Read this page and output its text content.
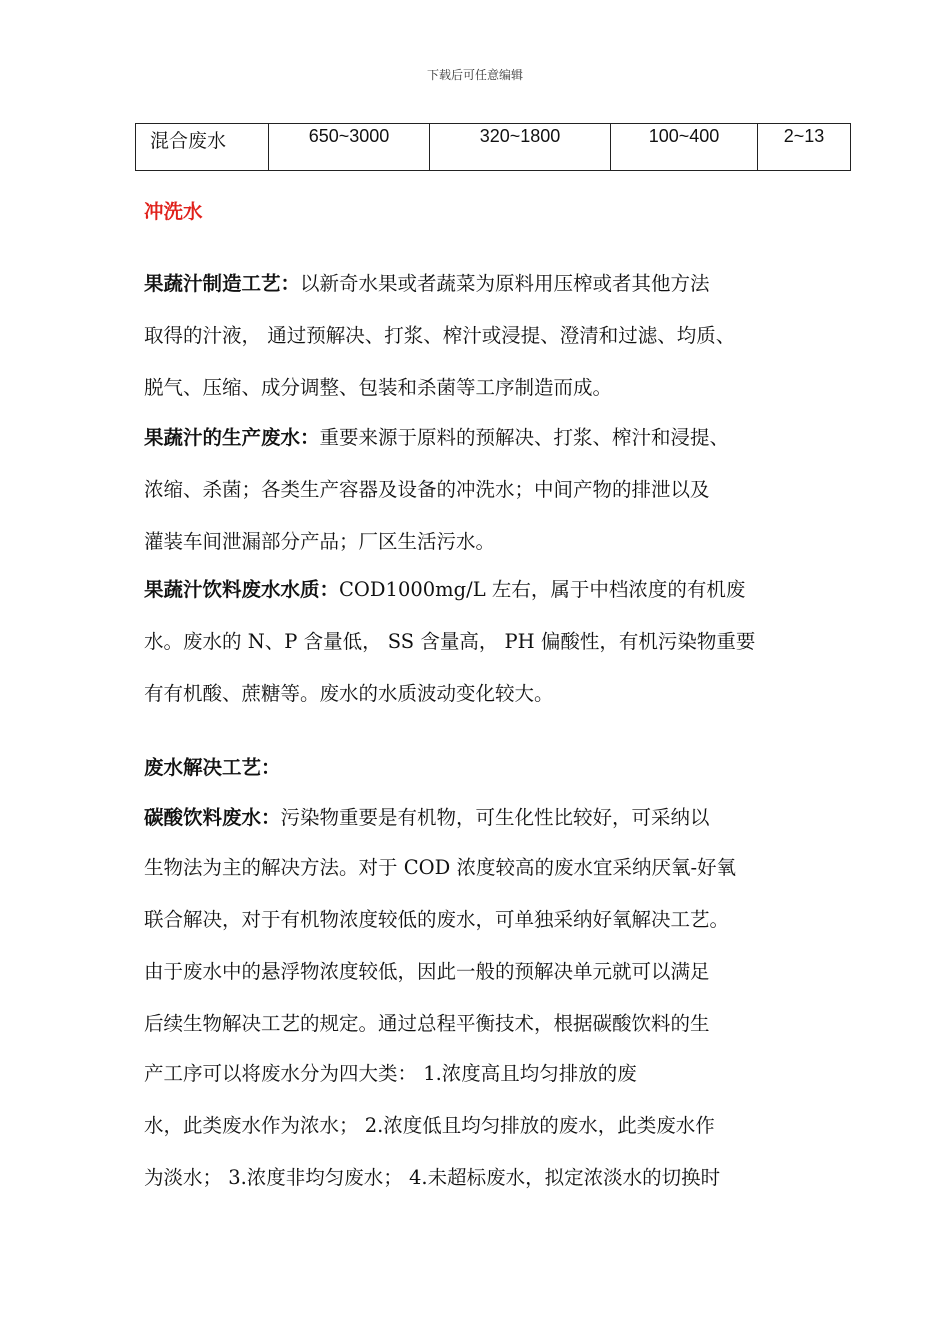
下载后可任意编辑
混合废水	650~3000	320~1800	100~400	2~13
冲洗水
果蔬汁制造工艺：以新奇水果或者蔬菜为原料用压榨或者其他方法
取得的汁液， 通过预解决、打浆、榨汁或浸提、澄清和过滤、均质、
脱气、压缩、成分调整、包装和杀菌等工序制造而成。
果蔬汁的生产废水：重要来源于原料的预解决、打浆、榨汁和浸提、
浓缩、杀菌；各类生产容器及设备的冲洗水；中间产物的排泄以及
灌装车间泄漏部分产品；厂区生活污水。
果蔬汁饮料废水水质：COD1000mg/L 左右，属于中档浓度的有机废
水。废水的 N、P 含量低， SS 含量高， PH 偏酸性，有机污染物重要
有有机酸、蔗糖等。废水的水质波动变化较大。
废水解决工艺：
碳酸饮料废水：污染物重要是有机物，可生化性比较好，可采纳以
生物法为主的解决方法。对于 COD 浓度较高的废水宜采纳厌氧-好氧
联合解决，对于有机物浓度较低的废水，可单独采纳好氧解决工艺。
由于废水中的悬浮物浓度较低，因此一般的预解决单元就可以满足
后续生物解决工艺的规定。通过总程平衡技术，根据碳酸饮料的生
产工序可以将废水分为四大类： 1.浓度高且均匀排放的废
水，此类废水作为浓水； 2.浓度低且均匀排放的废水，此类废水作
为淡水； 3.浓度非均匀废水； 4.未超标废水，拟定浓淡水的切换时
